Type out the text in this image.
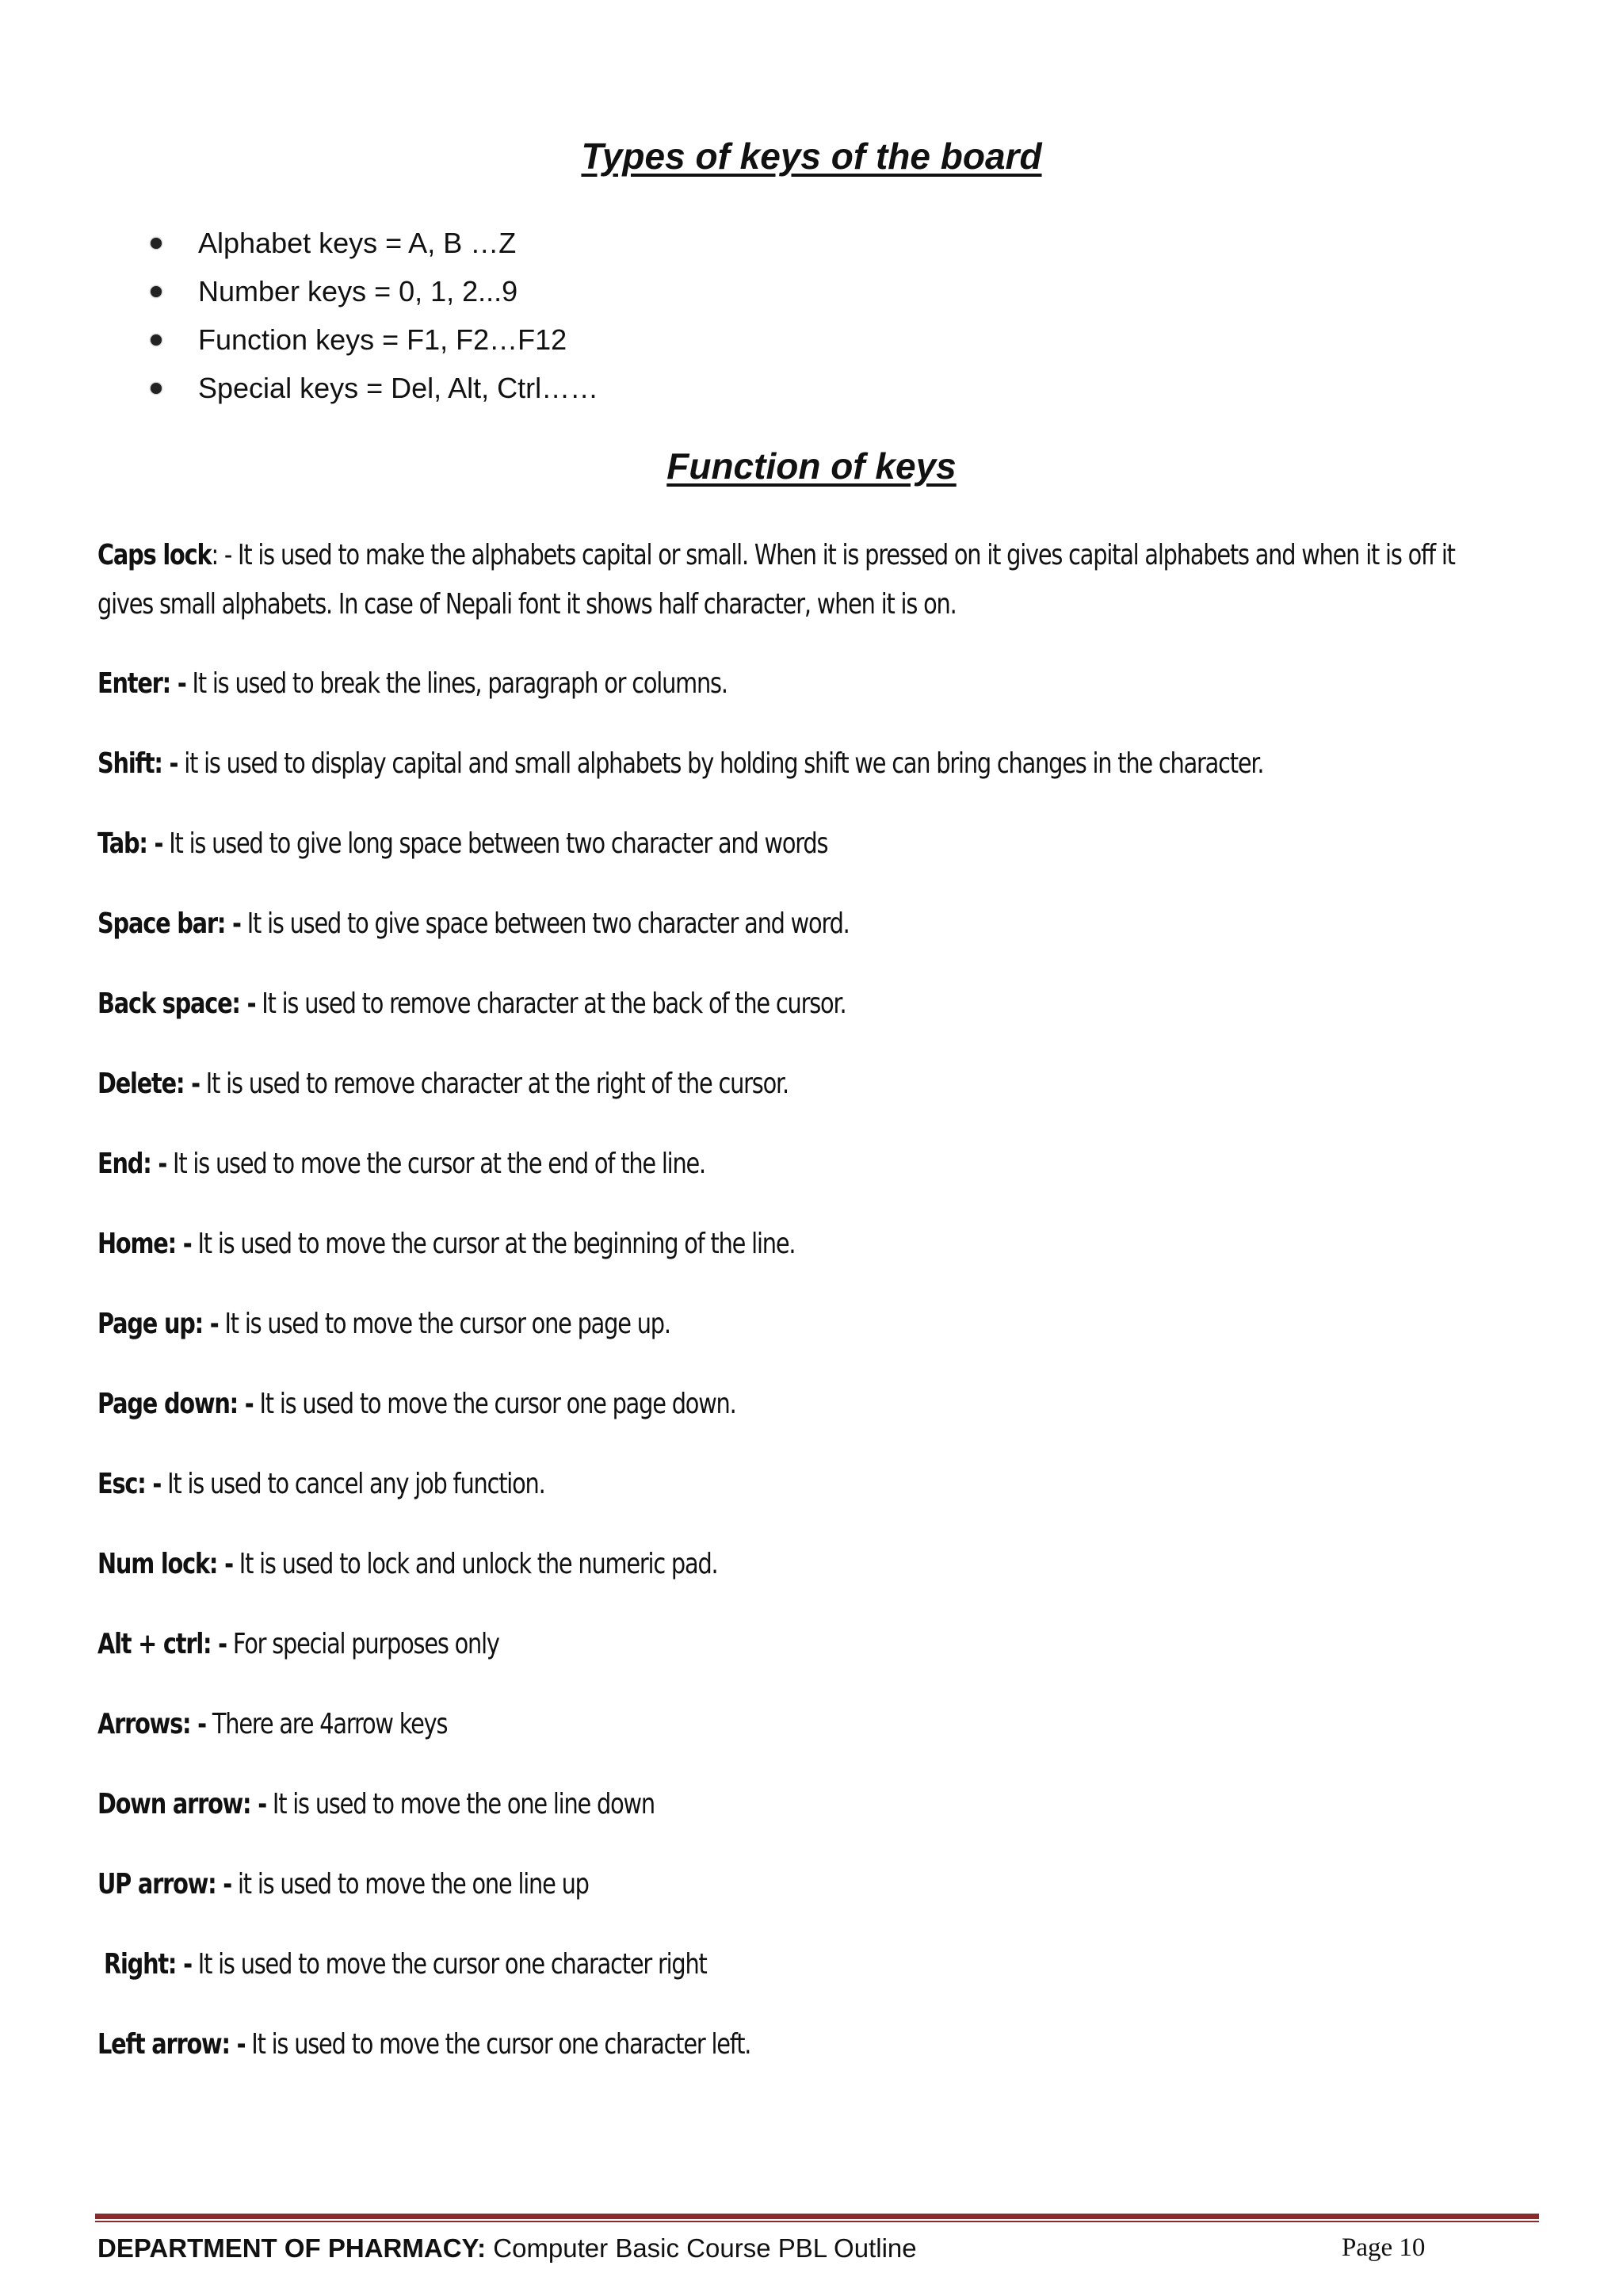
Types of keys of the board
Alphabet keys = A, B …Z
Number keys = 0, 1, 2...9
Function keys = F1, F2…F12
Special keys = Del, Alt, Ctrl……
Function of keys

Caps lock: - It is used to make the alphabets capital or small. When it is pressed on it gives capital alphabets and when it is off it gives small alphabets. In case of Nepali font it shows half character, when it is on.

Enter: - It is used to break the lines, paragraph or columns.

Shift: - it is used to display capital and small alphabets by holding shift we can bring changes in the character.

Tab: - It is used to give long space between two character and words

Space bar: - It is used to give space between two character and word.

Back space: - It is used to remove character at the back of the cursor.

Delete: - It is used to remove character at the right of the cursor.

End: - It is used to move the cursor at the end of the line.

Home: - It is used to move the cursor at the beginning of the line.

Page up: - It is used to move the cursor one page up.

Page down: - It is used to move the cursor one page down.

Esc: - It is used to cancel any job function.

Num lock: - It is used to lock and unlock the numeric pad.

Alt + ctrl: - For special purposes only

Arrows: - There are 4arrow keys

Down arrow: - It is used to move the one line down

UP arrow: - it is used to move the one line up

Right: - It is used to move the cursor one character right

Left arrow: - It is used to move the cursor one character left.

DEPARTMENT OF PHARMACY: Computer Basic Course PBL Outline	Page 10
